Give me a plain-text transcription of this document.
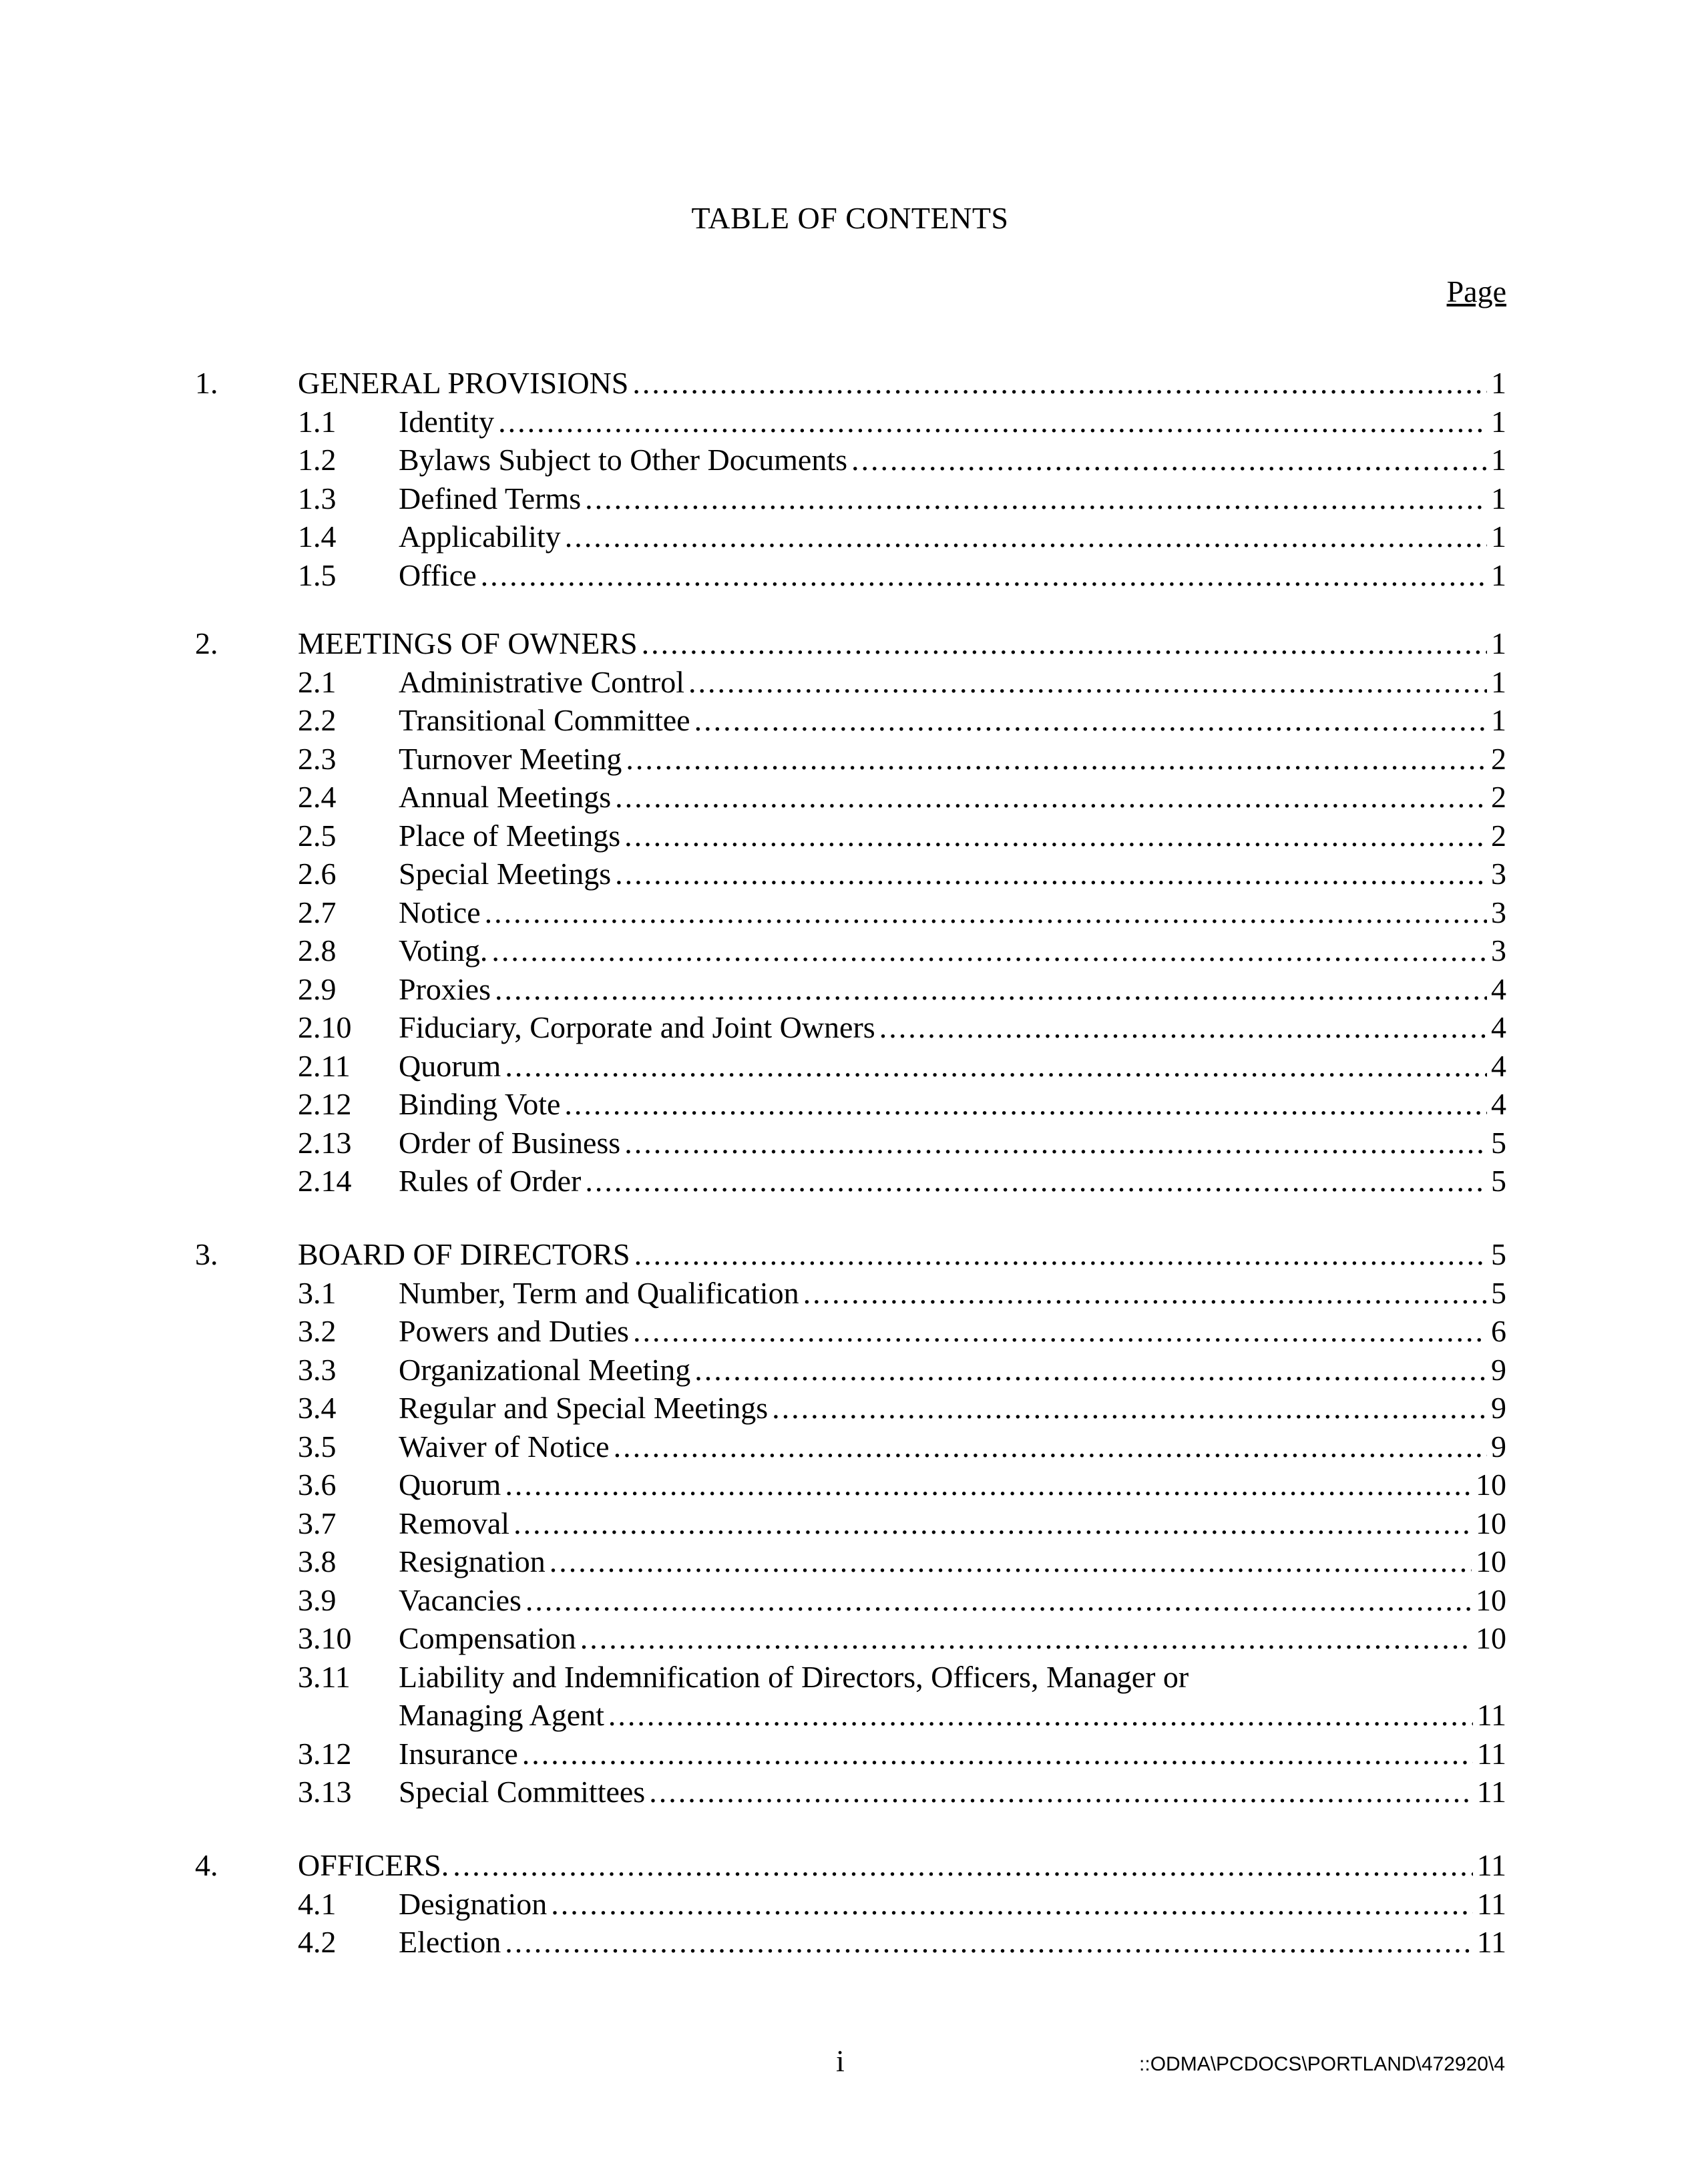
TABLE OF CONTENTS
Page
1.	GENERAL PROVISIONS .....	1
1.1 Identity .....	1
1.2 Bylaws Subject to Other Documents .....	1
1.3 Defined Terms .....	1
1.4 Applicability .....	1
1.5 Office .....	1
2.	MEETINGS OF OWNERS .....	1
2.1 Administrative Control .....	1
2.2 Transitional Committee .....	1
2.3 Turnover Meeting .....	2
2.4 Annual Meetings .....	2
2.5 Place of Meetings .....	2
2.6 Special Meetings .....	3
2.7 Notice .....	3
2.8 Voting. .....	3
2.9 Proxies .....	4
2.10 Fiduciary, Corporate and Joint Owners .....	4
2.11 Quorum .....	4
2.12 Binding Vote .....	4
2.13 Order of Business .....	5
2.14 Rules of Order .....	5
3.	BOARD OF DIRECTORS .....	5
3.1 Number, Term and Qualification .....	5
3.2 Powers and Duties .....	6
3.3 Organizational Meeting .....	9
3.4 Regular and Special Meetings .....	9
3.5 Waiver of Notice .....	9
3.6 Quorum .....	10
3.7 Removal .....	10
3.8 Resignation .....	10
3.9 Vacancies .....	10
3.10 Compensation .....	10
3.11 Liability and Indemnification of Directors, Officers, Manager or
Managing Agent .....	11
3.12 Insurance .....	11
3.13 Special Committees .....	11
4.	OFFICERS. .....	11
4.1 Designation .....	11
4.2 Election .....	11
i	::ODMA\PCDOCS\PORTLAND\472920\4
